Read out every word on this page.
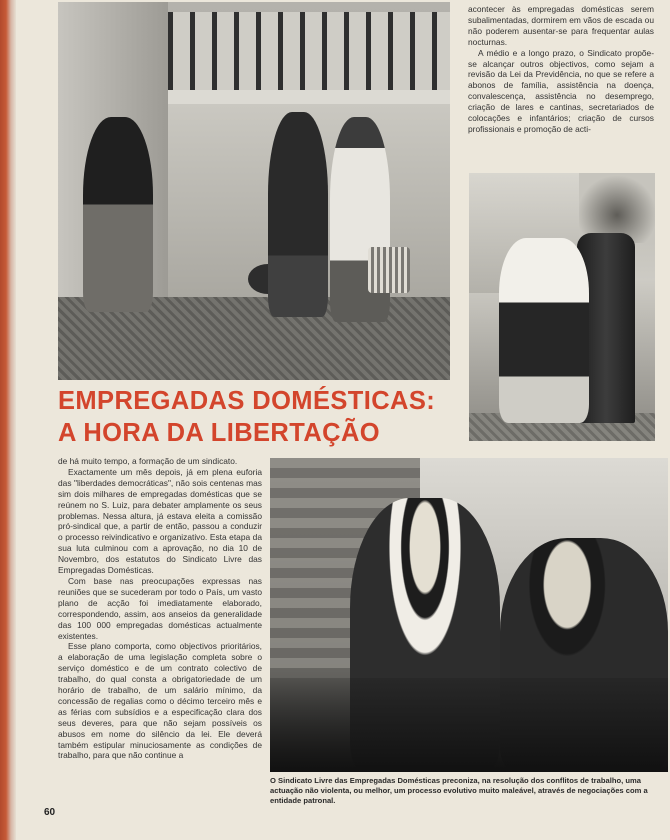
acontecer às empregadas domésticas serem subalimentadas, dormirem em vãos de escada ou não poderem ausentar-se para frequentar aulas nocturnas.

A médio e a longo prazo, o Sindicato propõe-se alcançar outros objectivos, como sejam a revisão da Lei da Previdência, no que se refere a abonos de família, assistência na doença, convalescença, assistência no desemprego, criação de lares e cantinas, secretariados de colocações e infantários; criação de cursos profissionais e promoção de acti-

EMPREGADAS DOMÉSTICAS:
A HORA DA LIBERTAÇÃO

de há muito tempo, a formação de um sindicato.

Exactamente um mês depois, já em plena euforia das "liberdades democráticas", não sois centenas mas sim dois milhares de empregadas domésticas que se reúnem no S. Luiz, para debater amplamente os seus problemas. Nessa altura, já estava eleita a comissão pró-sindical que, a partir de então, passou a conduzir o processo reivindicativo e organizativo. Esta etapa da sua luta culminou com a aprovação, no dia 10 de Novembro, dos estatutos do Sindicato Livre das Empregadas Domésticas.

Com base nas preocupações expressas nas reuniões que se sucederam por todo o País, um vasto plano de acção foi imediatamente elaborado, correspondendo, assim, aos anseios da generalidade das 100 000 empregadas domésticas actualmente existentes.

Esse plano comporta, como objectivos prioritários, a elaboração de uma legislação completa sobre o serviço doméstico e de um contrato colectivo de trabalho, do qual consta a obrigatoriedade de um horário de trabalho, de um salário mínimo, da concessão de regalias como o décimo terceiro mês e as férias com subsídios e a especificação clara dos seus deveres, para que não sejam possíveis os abusos em nome do silêncio da lei. Ele deverá também estipular minuciosamente as condições de trabalho, para que não continue a

O Sindicato Livre das Empregadas Domésticas preconiza, na resolução dos conflitos de trabalho, uma actuação não violenta, ou melhor, um processo evolutivo muito maleável, através de negociações com a entidade patronal.

60
